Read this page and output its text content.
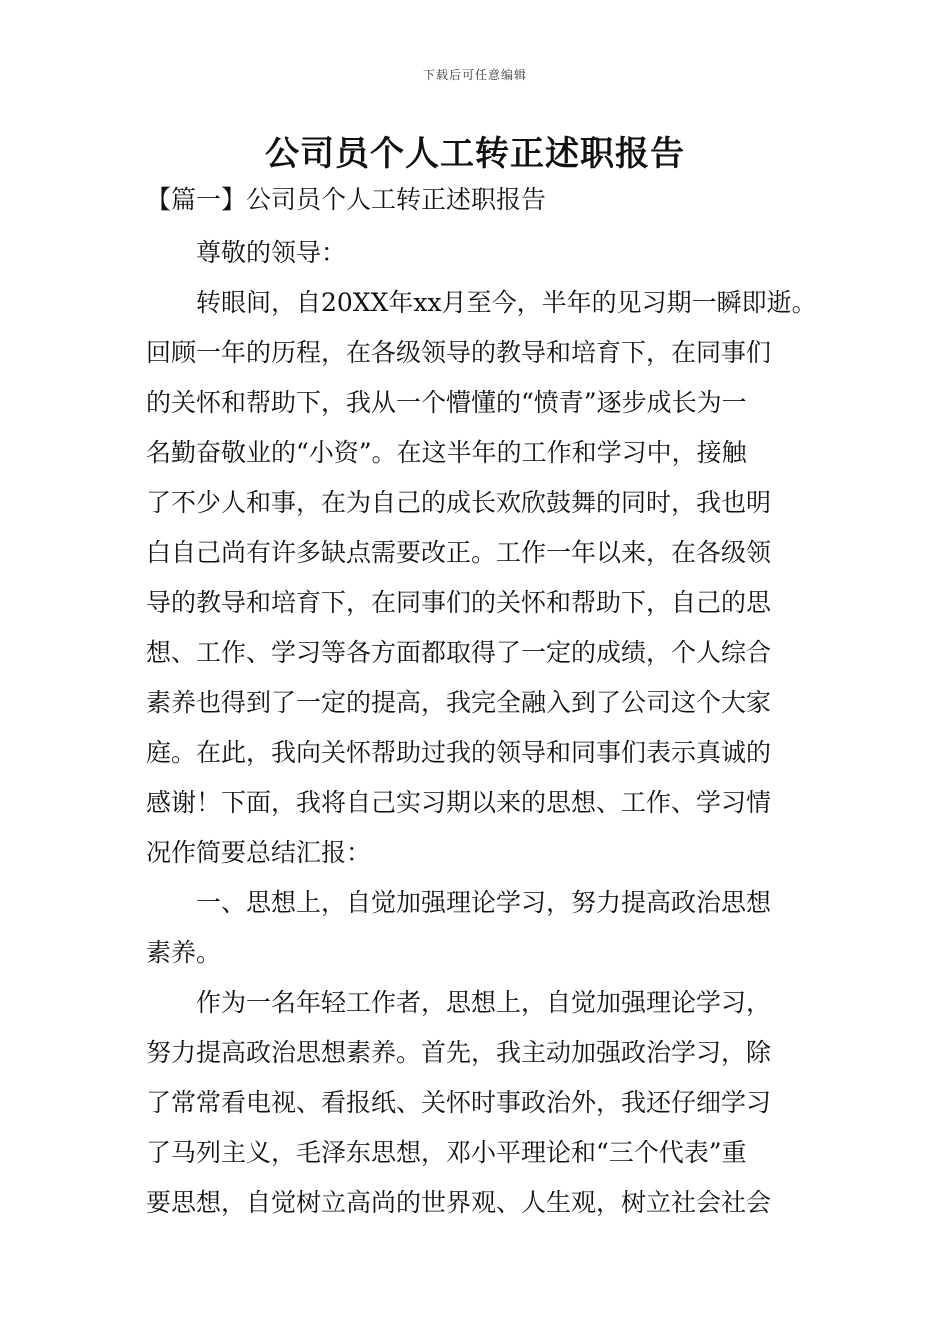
下载后可任意编辑
公司员个人工转正述职报告
【篇一】公司员个人工转正述职报告
尊敬的领导：
转眼间，自20XX年xx月至今，半年的见习期一瞬即逝。
回顾一年的历程，在各级领导的教导和培育下，在同事们
的关怀和帮助下，我从一个懵懂的“愤青”逐步成长为一
名勤奋敬业的“小资”。在这半年的工作和学习中，接触
了不少人和事，在为自己的成长欢欣鼓舞的同时，我也明
白自己尚有许多缺点需要改正。工作一年以来，在各级领
导的教导和培育下，在同事们的关怀和帮助下，自己的思
想、工作、学习等各方面都取得了一定的成绩，个人综合
素养也得到了一定的提高，我完全融入到了公司这个大家
庭。在此，我向关怀帮助过我的领导和同事们表示真诚的
感谢！下面，我将自己实习期以来的思想、工作、学习情
况作简要总结汇报：
一、思想上，自觉加强理论学习，努力提高政治思想
素养。
作为一名年轻工作者，思想上，自觉加强理论学习，
努力提高政治思想素养。首先，我主动加强政治学习，除
了常常看电视、看报纸、关怀时事政治外，我还仔细学习
了马列主义，毛泽东思想，邓小平理论和“三个代表”重
要思想，自觉树立高尚的世界观、人生观，树立社会社会
